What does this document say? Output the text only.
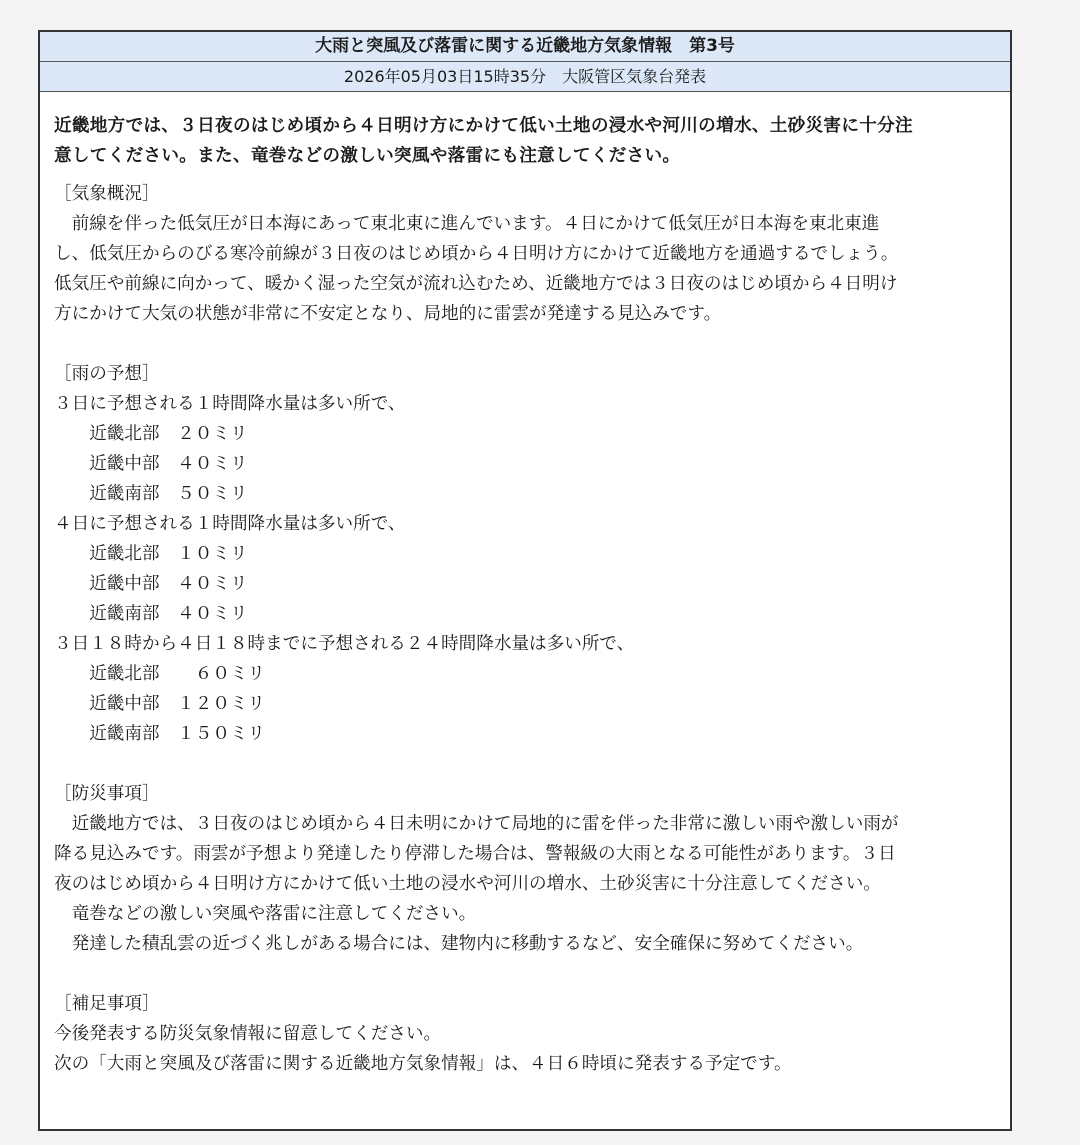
大雨と突風及び落雷に関する近畿地方気象情報　第3号
2026年05月03日15時35分　大阪管区気象台発表
近畿地方では、３日夜のはじめ頃から４日明け方にかけて低い土地の浸水や河川の増水、土砂災害に十分注
意してください。また、竜巻などの激しい突風や落雷にも注意してください。
［気象概況］
　前線を伴った低気圧が日本海にあって東北東に進んでいます。４日にかけて低気圧が日本海を東北東進
し、低気圧からのびる寒冷前線が３日夜のはじめ頃から４日明け方にかけて近畿地方を通過するでしょう。
低気圧や前線に向かって、暖かく湿った空気が流れ込むため、近畿地方では３日夜のはじめ頃から４日明け
方にかけて大気の状態が非常に不安定となり、局地的に雷雲が発達する見込みです。
［雨の予想］
３日に予想される１時間降水量は多い所で、
　　近畿北部　２０ミリ
　　近畿中部　４０ミリ
　　近畿南部　５０ミリ
４日に予想される１時間降水量は多い所で、
　　近畿北部　１０ミリ
　　近畿中部　４０ミリ
　　近畿南部　４０ミリ
３日１８時から４日１８時までに予想される２４時間降水量は多い所で、
　　近畿北部　　６０ミリ
　　近畿中部　１２０ミリ
　　近畿南部　１５０ミリ
［防災事項］
　近畿地方では、３日夜のはじめ頃から４日未明にかけて局地的に雷を伴った非常に激しい雨や激しい雨が
降る見込みです。雨雲が予想より発達したり停滞した場合は、警報級の大雨となる可能性があります。３日
夜のはじめ頃から４日明け方にかけて低い土地の浸水や河川の増水、土砂災害に十分注意してください。
　竜巻などの激しい突風や落雷に注意してください。
　発達した積乱雲の近づく兆しがある場合には、建物内に移動するなど、安全確保に努めてください。
［補足事項］
今後発表する防災気象情報に留意してください。
次の「大雨と突風及び落雷に関する近畿地方気象情報」は、４日６時頃に発表する予定です。
